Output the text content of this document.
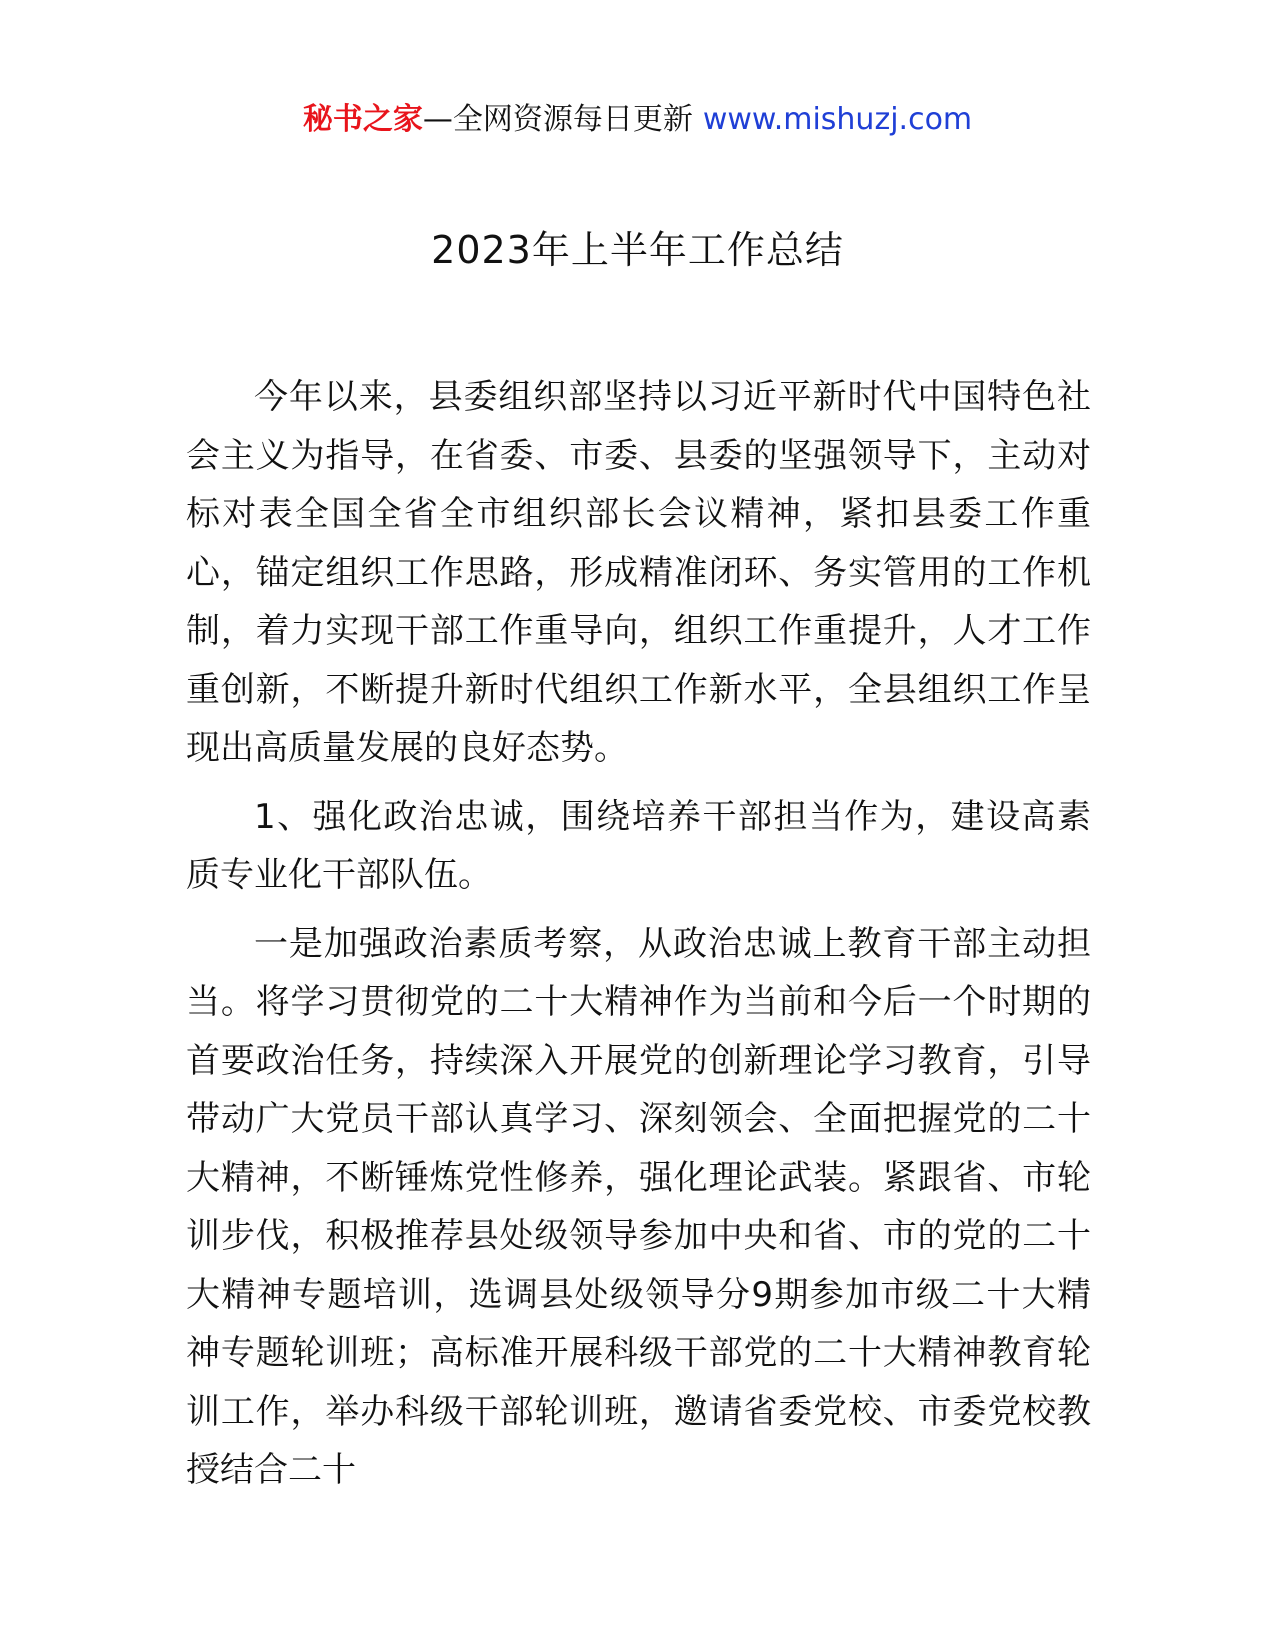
秘书之家—全网资源每日更新 www.mishuzj.com
2023年上半年工作总结

今年以来，县委组织部坚持以习近平新时代中国特色社会主义为指导，在省委、市委、县委的坚强领导下，主动对标对表全国全省全市组织部长会议精神，紧扣县委工作重心，锚定组织工作思路，形成精准闭环、务实管用的工作机制，着力实现干部工作重导向，组织工作重提升，人才工作重创新，不断提升新时代组织工作新水平，全县组织工作呈现出高质量发展的良好态势。

1、强化政治忠诚，围绕培养干部担当作为，建设高素质专业化干部队伍。

一是加强政治素质考察，从政治忠诚上教育干部主动担当。将学习贯彻党的二十大精神作为当前和今后一个时期的首要政治任务，持续深入开展党的创新理论学习教育，引导带动广大党员干部认真学习、深刻领会、全面把握党的二十大精神，不断锤炼党性修养，强化理论武装。紧跟省、市轮训步伐，积极推荐县处级领导参加中央和省、市的党的二十大精神专题培训，选调县处级领导分9期参加市级二十大精神专题轮训班；高标准开展科级干部党的二十大精神教育轮训工作，举办科级干部轮训班，邀请省委党校、市委党校教授结合二十
